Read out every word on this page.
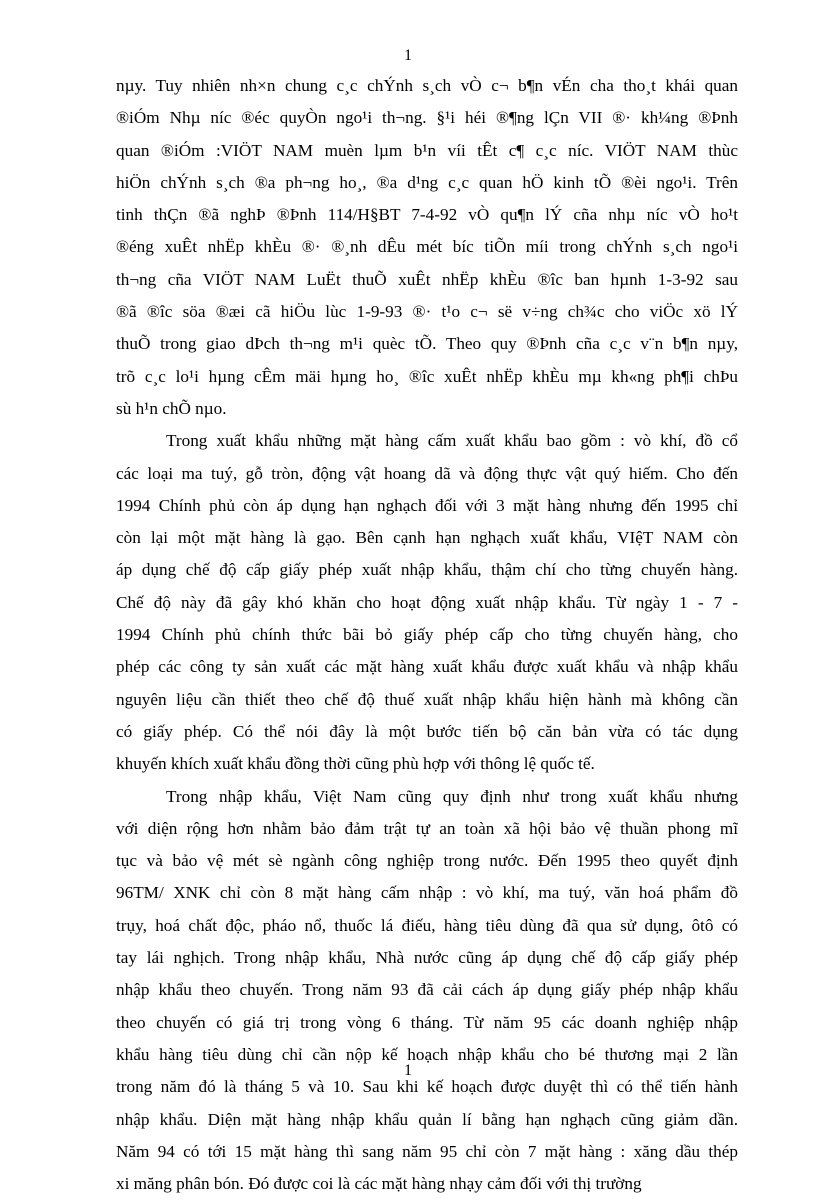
1
nµy. Tuy nhiên nh×n chung c¸c chÝnh s¸ch vÒ c¬ b¶n vÉn cha tho¸t khái quan
®iÓm Nhµ níc ®éc quyÒn ngo¹i th¬ng. §¹i héi ®¶ng lÇn VII ®· kh¼ng ®Þnh
quan ®iÓm :VIÖT NAM muèn lµm b¹n víi tÊt c¶ c¸c níc. VIÖT NAM thùc
hiÖn chÝnh s¸ch ®a ph¬ng ho¸, ®a d¹ng c¸c quan hÖ kinh tÕ ®èi ngo¹i. Trên
tinh thÇn ®ã nghÞ ®Þnh 114/H§BT 7-4-92 vÒ qu¶n lÝ cña nhµ níc vÒ ho¹t
®éng xuÊt nhËp khÈu ®· ®¸nh dÊu mét bíc tiÕn míi trong chÝnh s¸ch ngo¹i
th¬ng cña VIÖT NAM LuËt thuÕ xuÊt nhËp khÈu ®îc ban hµnh 1-3-92 sau
®ã ®îc söa ®æi cã hiÖu lùc 1-9-93 ®· t¹o c¬ së v÷ng ch¾c cho viÖc xö lÝ
thuÕ trong giao dÞch th¬ng m¹i quèc tÕ. Theo quy ®Þnh cña c¸c v¨n b¶n nµy,
trõ c¸c lo¹i hµng cÊm mäi hµng ho¸ ®îc xuÊt nhËp khÈu mµ kh«ng ph¶i chÞu
sù h¹n chÕ nµo.
Trong xuất khẩu những mặt hàng cấm xuất khẩu bao gồm : vò khí, đồ cổ
các loại ma tuý, gỗ tròn, động vật hoang dã và động thực vật quý hiếm. Cho đến
1994 Chính phủ còn áp dụng hạn nghạch đối với 3 mặt hàng nhưng đến 1995 chỉ
còn lại một mặt hàng là gạo. Bên cạnh hạn nghạch xuất khẩu, VIệT NAM còn
áp dụng chế độ cấp giấy phép xuất nhập khẩu, thậm chí cho từng chuyến hàng.
Chế độ này đã gây khó khăn cho hoạt động xuất nhập khẩu. Từ ngày 1 - 7 -
1994 Chính phủ chính thức bãi bỏ giấy phép cấp cho từng chuyến hàng, cho
phép các công ty sản xuất các mặt hàng xuất khẩu được xuất khẩu và nhập khẩu
nguyên liệu cần thiết theo chế độ thuế xuất nhập khẩu hiện hành mà không cần
có giấy phép. Có thể nói đây là một bước tiến bộ căn bản vừa có tác dụng
khuyến khích xuất khẩu đồng thời cũng phù hợp với thông lệ quốc tế.
Trong nhập khẩu, Việt Nam cũng quy định như trong xuất khẩu nhưng
với diện rộng hơn nhằm bảo đảm trật tự an toàn xã hội bảo vệ thuần phong mĩ
tục và bảo vệ mét sè ngành công nghiệp trong nước. Đến 1995 theo quyết định
96TM/ XNK chỉ còn 8 mặt hàng cấm nhập : vò khí, ma tuý, văn hoá phẩm đồ
trụy, hoá chất độc, pháo nổ, thuốc lá điếu, hàng tiêu dùng đã qua sử dụng, ôtô có
tay lái nghịch. Trong nhập khẩu, Nhà nước cũng áp dụng chế độ cấp giấy phép
nhập khẩu theo chuyến. Trong năm 93 đã cải cách áp dụng giấy phép nhập khẩu
theo chuyến có giá trị trong vòng 6 tháng. Từ năm 95 các doanh nghiệp nhập
khẩu hàng tiêu dùng chỉ cần nộp kế hoạch nhập khẩu cho bé thương mại 2 lần
trong năm đó là tháng 5 và 10. Sau khi kế hoạch được duyệt thì có thể tiến hành
nhập khẩu. Diện mặt hàng nhập khẩu quản lí bằng hạn nghạch cũng giảm dần.
Năm 94 có tới 15 mặt hàng thì sang năm 95 chỉ còn 7 mặt hàng : xăng dầu thép
xi măng phân bón. Đó được coi là các mặt hàng nhạy cảm đối với thị trường
1
